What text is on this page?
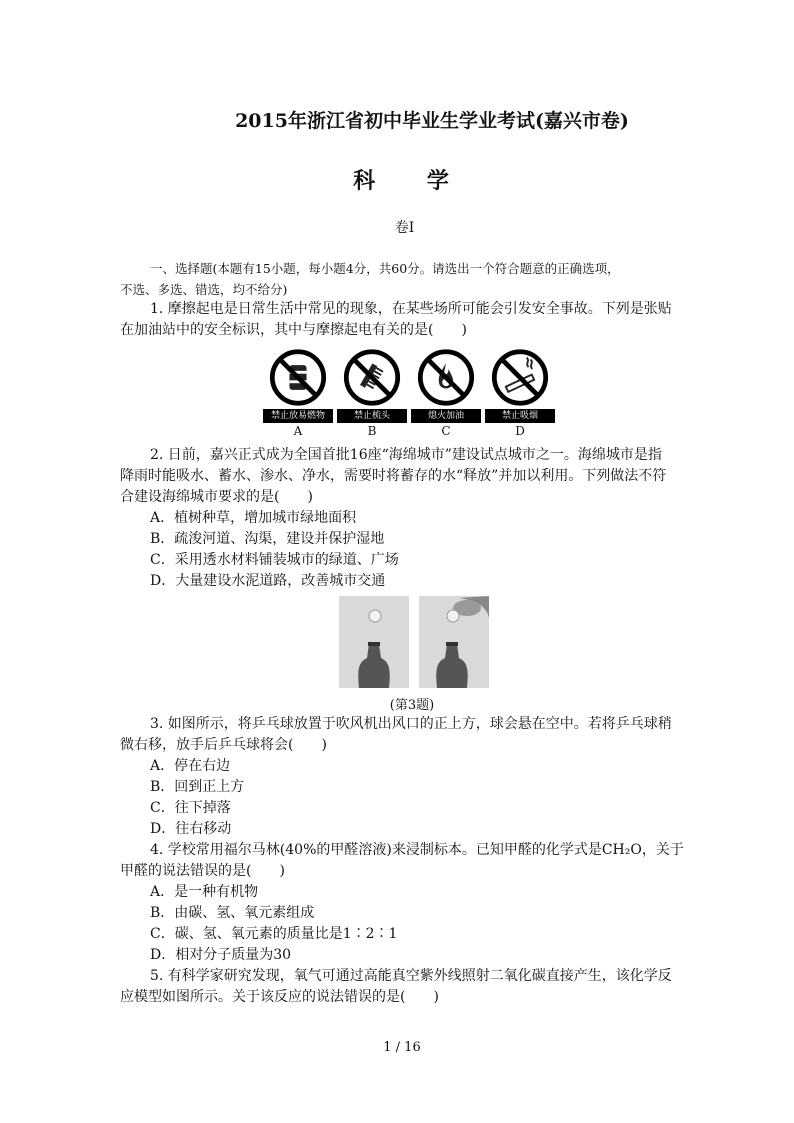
2015年浙江省初中毕业生学业考试(嘉兴市卷)
科 学
卷Ⅰ
一、选择题(本题有15小题，每小题4分，共60分。请选出一个符合题意的正确选项，
不选、多选、错选，均不给分)
1. 摩擦起电是日常生活中常见的现象，在某些场所可能会引发安全事故。下列是张贴
在加油站中的安全标识，其中与摩擦起电有关的是(　　)
禁止放易燃物
A
禁止梳头
B
熄火加油
C
禁止吸烟
D
2. 日前，嘉兴正式成为全国首批16座“海绵城市”建设试点城市之一。海绵城市是指
降雨时能吸水、蓄水、渗水、净水，需要时将蓄存的水“释放”并加以利用。下列做法不符
合建设海绵城市要求的是(　　)
A．植树种草，增加城市绿地面积
B．疏浚河道、沟渠，建设并保护湿地
C．采用透水材料铺装城市的绿道、广场
D．大量建设水泥道路，改善城市交通
(第3题)
3. 如图所示，将乒乓球放置于吹风机出风口的正上方，球会悬在空中。若将乒乓球稍
微右移，放手后乒乓球将会(　　)
A．停在右边
B．回到正上方
C．往下掉落
D．往右移动
4. 学校常用福尔马林(40%的甲醛溶液)来浸制标本。已知甲醛的化学式是CH₂O，关于
甲醛的说法错误的是(　　)
A．是一种有机物
B．由碳、氢、氧元素组成
C．碳、氢、氧元素的质量比是1∶2∶1
D．相对分子质量为30
5. 有科学家研究发现，氧气可通过高能真空紫外线照射二氧化碳直接产生，该化学反
应模型如图所示。关于该反应的说法错误的是(　　)
1 / 16
